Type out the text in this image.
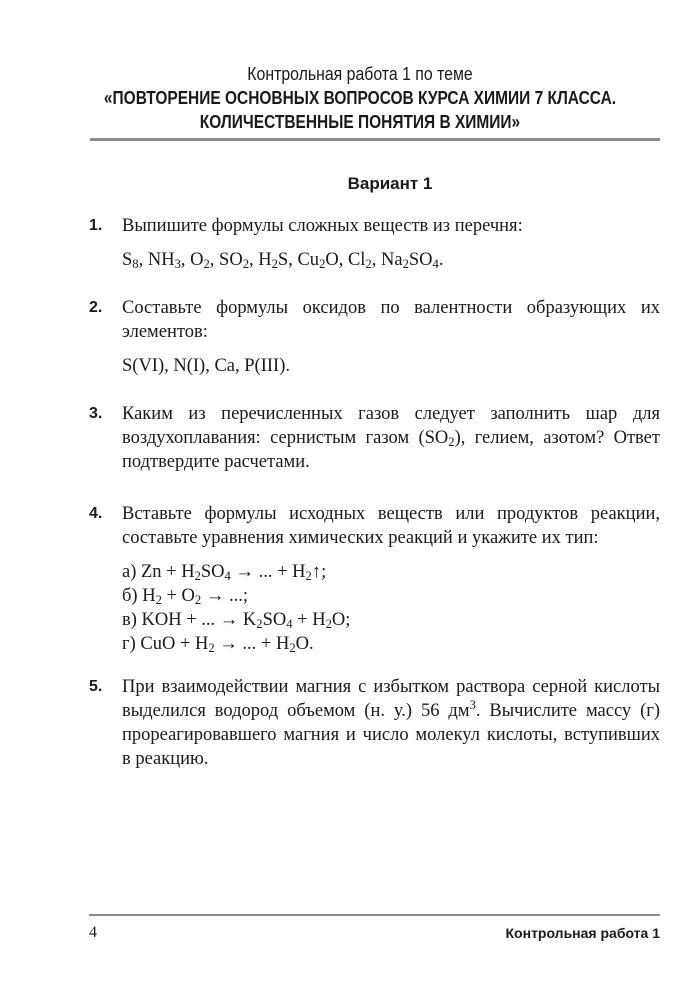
Контрольная работа 1 по теме
«ПОВТОРЕНИЕ ОСНОВНЫХ ВОПРОСОВ КУРСА ХИМИИ 7 КЛАССА.
КОЛИЧЕСТВЕННЫЕ ПОНЯТИЯ В ХИМИИ»
Вариант 1
1. Выпишите формулы сложных веществ из перечня:
$S_8$, $NH_3$, $O_2$, $SO_2$, $H_2S$, $Cu_2O$, $Cl_2$, $Na_2SO_4$.
2. Составьте формулы оксидов по валентности образующих их элементов:
S(VI), N(I), Ca, P(III).
3. Каким из перечисленных газов следует заполнить шар для воздухоплавания: сернистым газом $(SO_2)$, гелием, азотом? Ответ подтвердите расчетами.
4. Вставьте формулы исходных веществ или продуктов реакции, составьте уравнения химических реакций и укажите их тип:
а) $Zn + H_2SO_4$ → ... + $H_2↑$;
б) $H_2 + O_2$ → ...;
в) KOH + ... → $K_2SO_4 + H_2O$;
г) CuO + $H_2$ → ... + $H_2O$.
5. При взаимодействии магния с избытком раствора серной кислоты выделился водород объемом (н. у.) 56 $дм^3$. Вычислите массу (г) прореагировавшего магния и число молекул кислоты, вступивших в реакцию.
4	Контрольная работа 1
